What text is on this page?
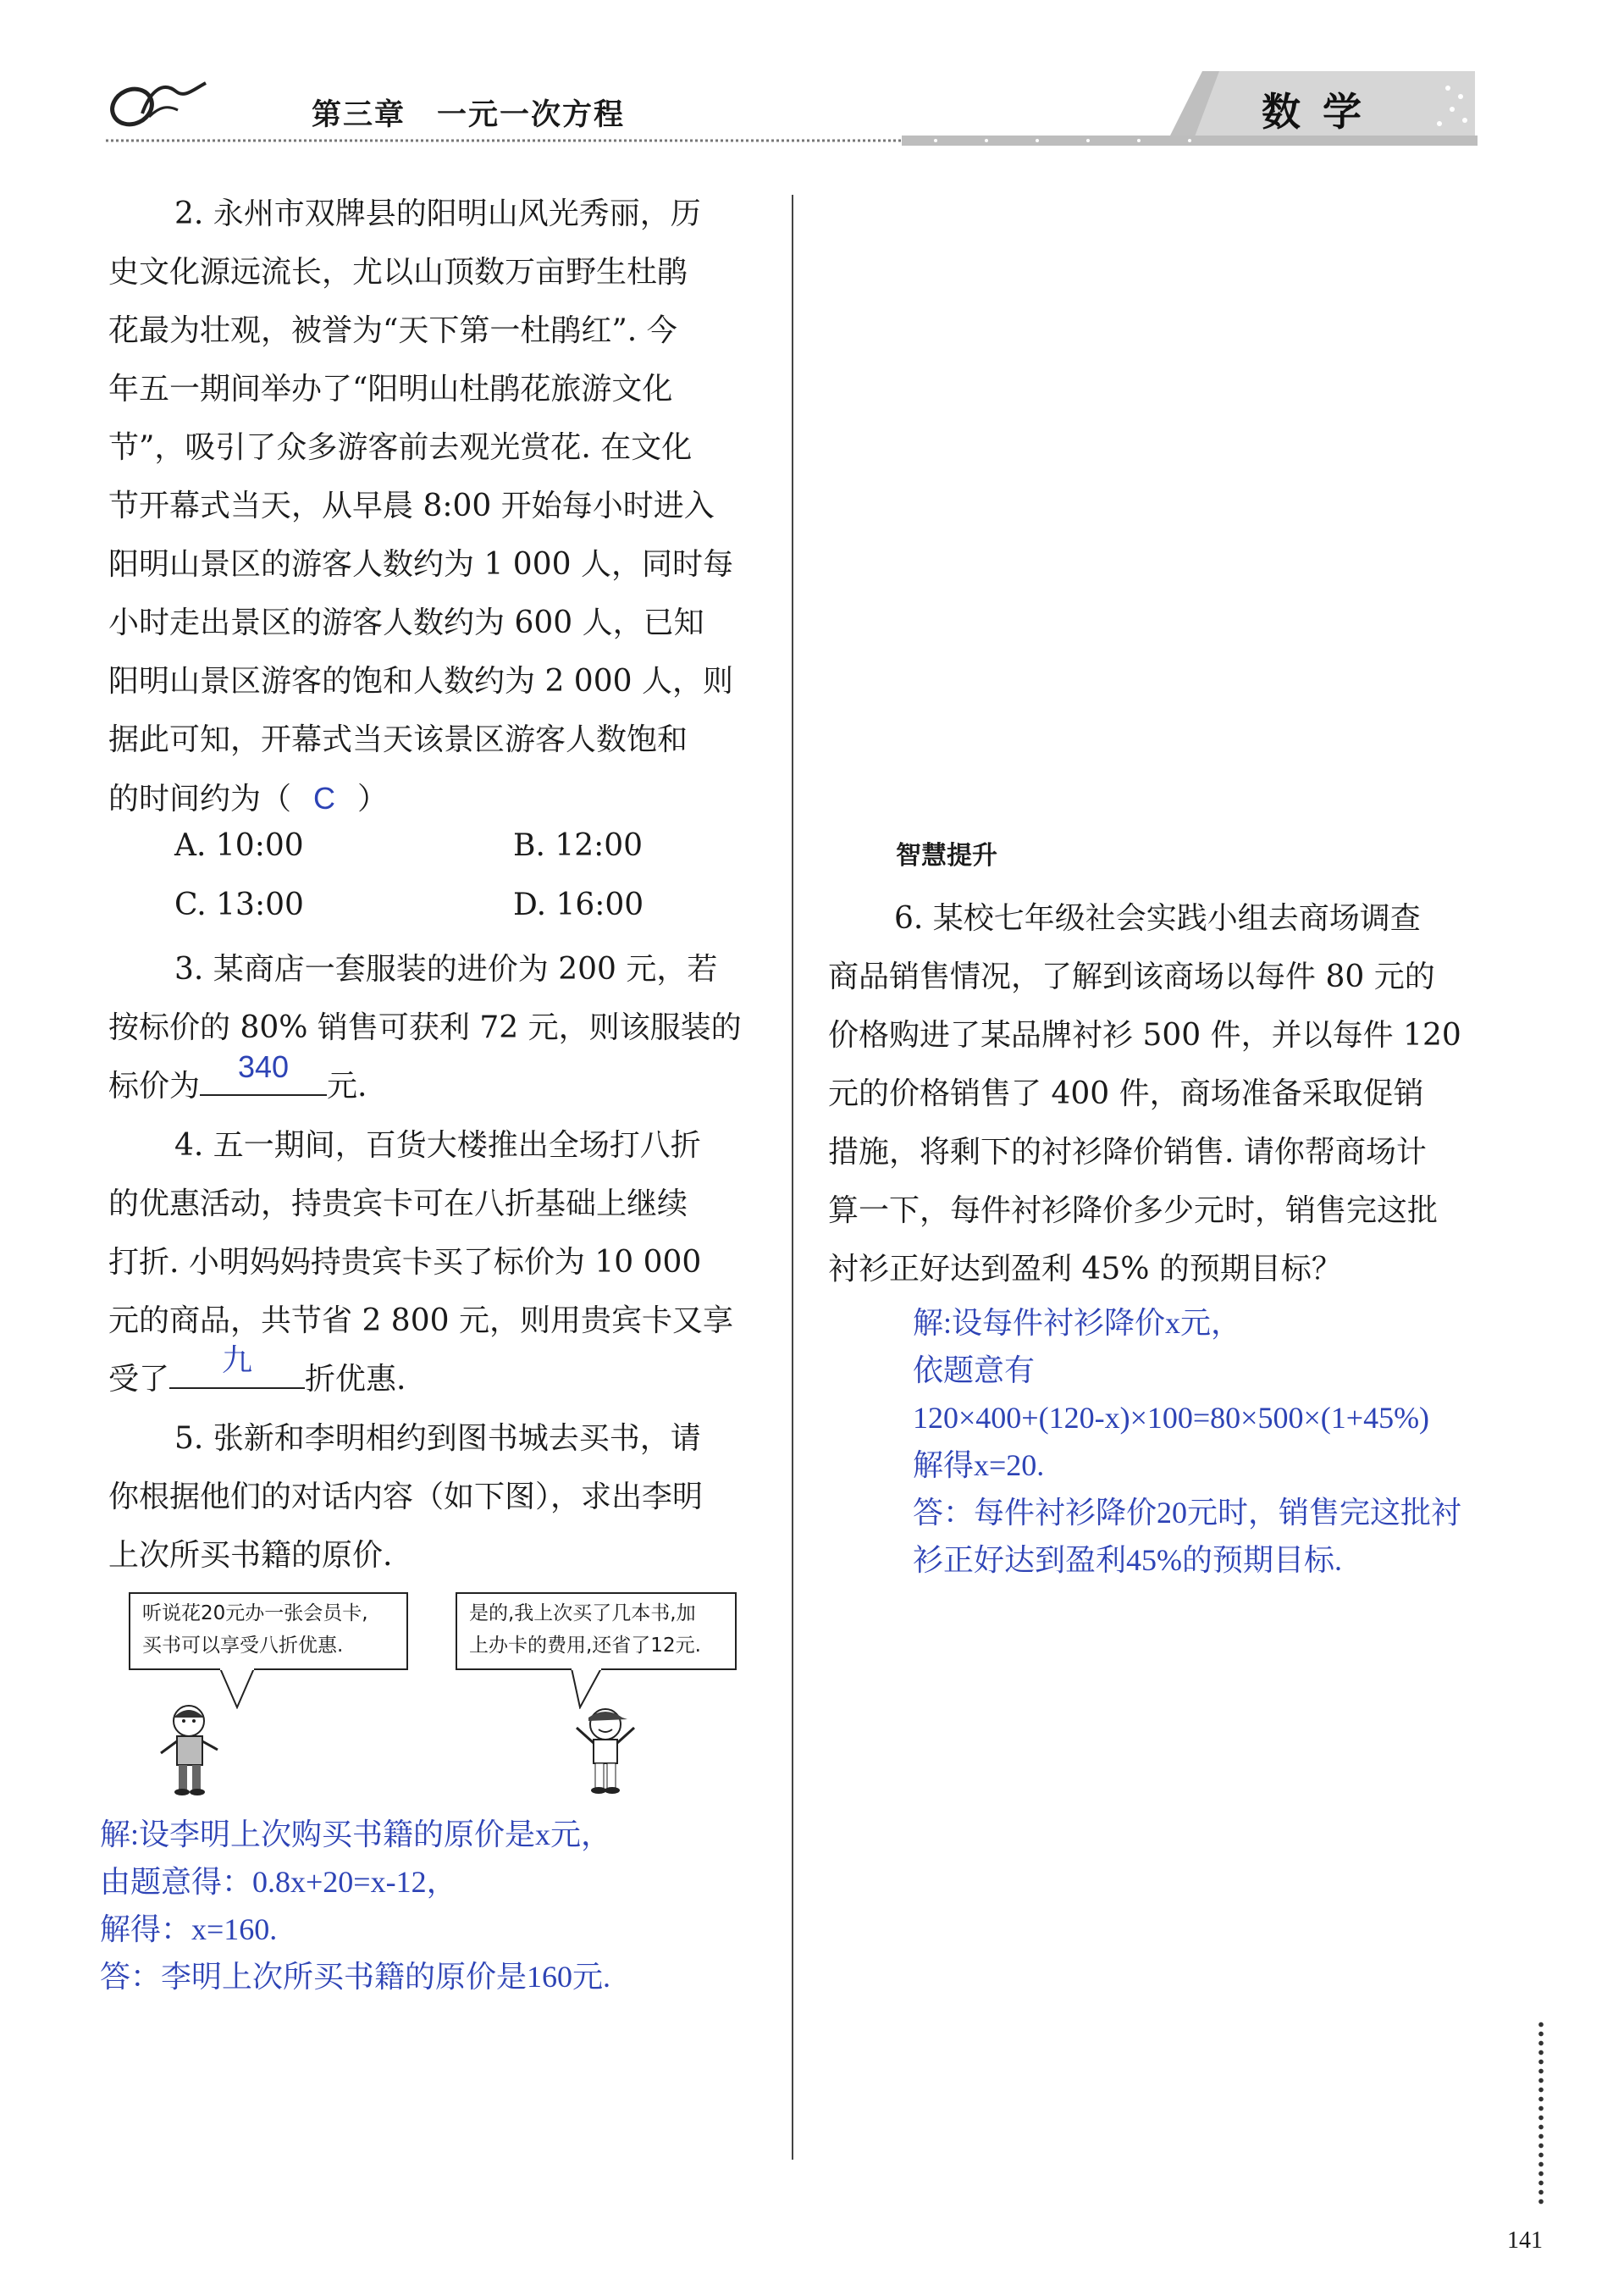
第三章　一元一次方程	数学
2. 永州市双牌县的阳明山风光秀丽，历
史文化源远流长，尤以山顶数万亩野生杜鹃
花最为壮观，被誉为“天下第一杜鹃红”. 今
年五一期间举办了“阳明山杜鹃花旅游文化
节”，吸引了众多游客前去观光赏花. 在文化
节开幕式当天，从早晨 8:00 开始每小时进入
阳明山景区的游客人数约为 1 000 人，同时每
小时走出景区的游客人数约为 600 人，已知
阳明山景区游客的饱和人数约为 2 000 人，则
据此可知，开幕式当天该景区游客人数饱和
的时间约为（ C ）
A. 10:00	B. 12:00
C. 13:00	D. 16:00
3. 某商店一套服装的进价为 200 元，若
按标价的 80% 销售可获利 72 元，则该服装的
标价为
340
元.
4. 五一期间，百货大楼推出全场打八折
的优惠活动，持贵宾卡可在八折基础上继续
打折. 小明妈妈持贵宾卡买了标价为 10 000
元的商品，共节省 2 800 元，则用贵宾卡又享
受了
九
折优惠.
5. 张新和李明相约到图书城去买书，请
你根据他们的对话内容（如下图），求出李明
上次所买书籍的原价.
听说花20元办一张会员卡,
买书可以享受八折优惠.
是的,我上次买了几本书,加
上办卡的费用,还省了12元.
解:设李明上次购买书籍的原价是x元，
由题意得：0.8x+20=x-12，
解得：x=160.
答：李明上次所买书籍的原价是160元.
智慧提升
6. 某校七年级社会实践小组去商场调查
商品销售情况，了解到该商场以每件 80 元的
价格购进了某品牌衬衫 500 件，并以每件 120
元的价格销售了 400 件，商场准备采取促销
措施，将剩下的衬衫降价销售. 请你帮商场计
算一下，每件衬衫降价多少元时，销售完这批
衬衫正好达到盈利 45% 的预期目标？
解:设每件衬衫降价x元，
依题意有
120×400+(120-x)×100=80×500×(1+45%)
解得x=20.
答：每件衬衫降价20元时，销售完这批衬
衫正好达到盈利45%的预期目标.
141
